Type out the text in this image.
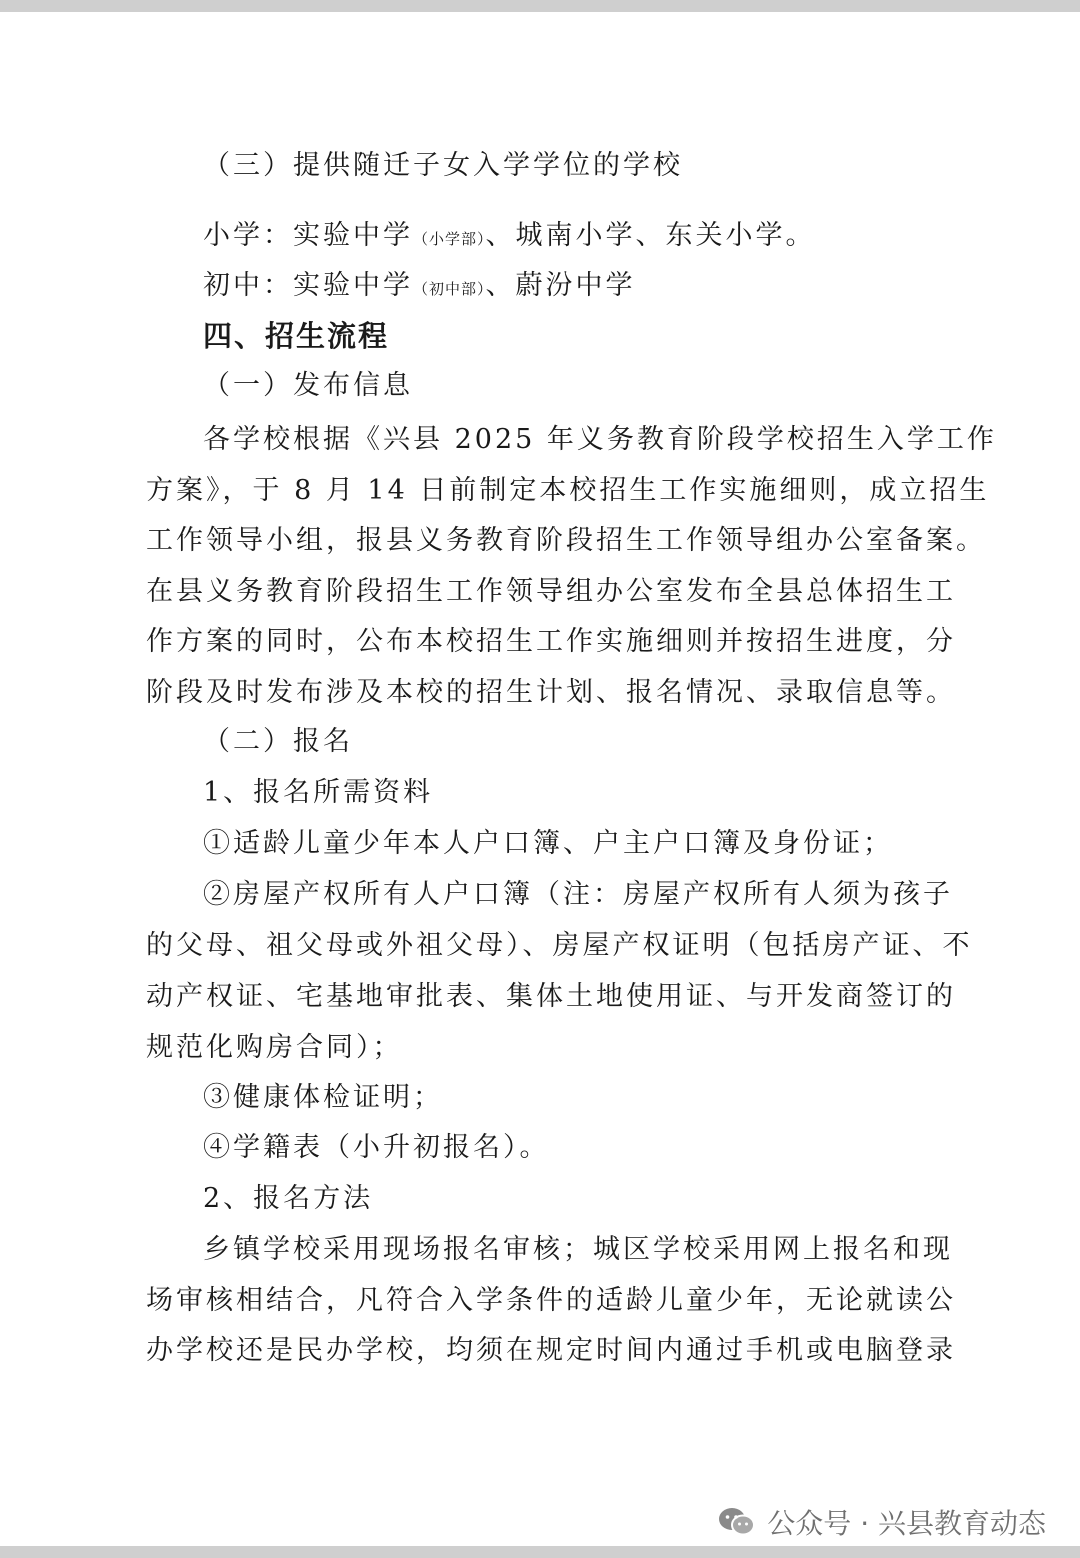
（三）提供随迁子女入学学位的学校
小学：实验中学（小学部）、城南小学、东关小学。
初中：实验中学（初中部）、蔚汾中学
四、招生流程
（一）发布信息
各学校根据《兴县 2025 年义务教育阶段学校招生入学工作
方案》，于 8 月 14 日前制定本校招生工作实施细则，成立招生
工作领导小组，报县义务教育阶段招生工作领导组办公室备案。
在县义务教育阶段招生工作领导组办公室发布全县总体招生工
作方案的同时，公布本校招生工作实施细则并按招生进度，分
阶段及时发布涉及本校的招生计划、报名情况、录取信息等。
（二）报名
1、报名所需资料
①适龄儿童少年本人户口簿、户主户口簿及身份证；
②房屋产权所有人户口簿（注：房屋产权所有人须为孩子
的父母、祖父母或外祖父母）、房屋产权证明（包括房产证、不
动产权证、宅基地审批表、集体土地使用证、与开发商签订的
规范化购房合同）；
③健康体检证明；
④学籍表（小升初报名）。
2、报名方法
乡镇学校采用现场报名审核；城区学校采用网上报名和现
场审核相结合，凡符合入学条件的适龄儿童少年，无论就读公
办学校还是民办学校，均须在规定时间内通过手机或电脑登录
公众号 · 兴县教育动态
